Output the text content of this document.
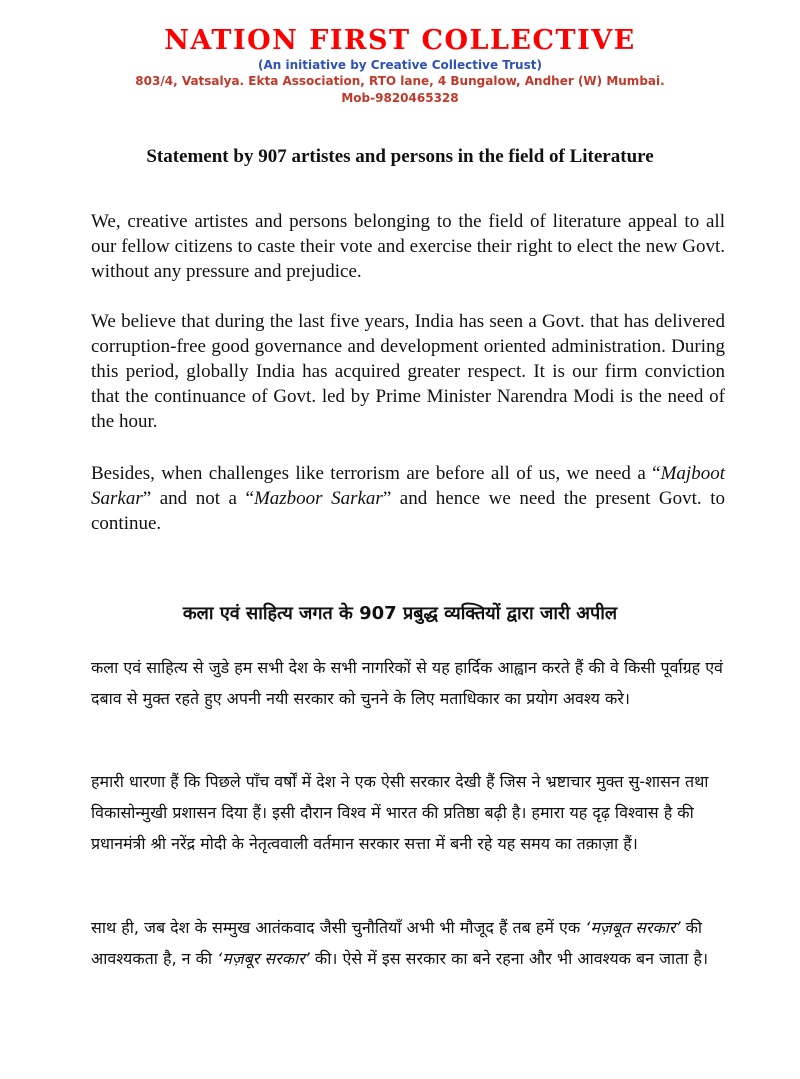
NATION FIRST COLLECTIVE
(An initiative by Creative Collective Trust)
803/4, Vatsalya. Ekta Association, RTO lane, 4 Bungalow, Andher (W) Mumbai.
Mob-9820465328
Statement by 907 artistes and persons in the field of Literature

We, creative artistes and persons belonging to the field of literature appeal to all our fellow citizens to caste their vote and exercise their right to elect the new Govt. without any pressure and prejudice.

We believe that during the last five years, India has seen a Govt. that has delivered corruption-free good governance and development oriented administration. During this period, globally India has acquired greater respect. It is our firm conviction that the continuance of Govt. led by Prime Minister Narendra Modi is the need of the hour.

Besides, when challenges like terrorism are before all of us, we need a “Majboot Sarkar” and not a “Mazboor Sarkar” and hence we need the present Govt. to continue.

कला एवं साहित्य जगत के 907 प्रबुद्ध व्यक्तियों द्वारा जारी अपील

कला एवं साहित्य से जुडे हम सभी देश के सभी नागरिकों से यह हार्दिक आह्वान करते हैं की वे किसी पूर्वाग्रह एवं दबाव से मुक्त रहते हुए अपनी नयी सरकार को चुनने के लिए मताधिकार का प्रयोग अवश्य करे।

हमारी धारणा हैं कि पिछले पाँच वर्षों में देश ने एक ऐसी सरकार देखी हैं जिस ने भ्रष्टाचार मुक्त सु-शासन तथा विकासोन्मुखी प्रशासन दिया हैं। इसी दौरान विश्व में भारत की प्रतिष्ठा बढ़ी है। हमारा यह दृढ़ विश्वास है की प्रधानमंत्री श्री नरेंद्र मोदी के नेतृत्ववाली वर्तमान सरकार सत्ता में बनी रहे यह समय का तक़ाज़ा हैं।

साथ ही, जब देश के सम्मुख आतंकवाद जैसी चुनौतियाँ अभी भी मौजूद हैं तब हमें एक ‘मज़बूत सरकार’ की आवश्यकता है, न की ‘मज़बूर सरकार’ की। ऐसे में इस सरकार का बने रहना और भी आवश्यक बन जाता है।
